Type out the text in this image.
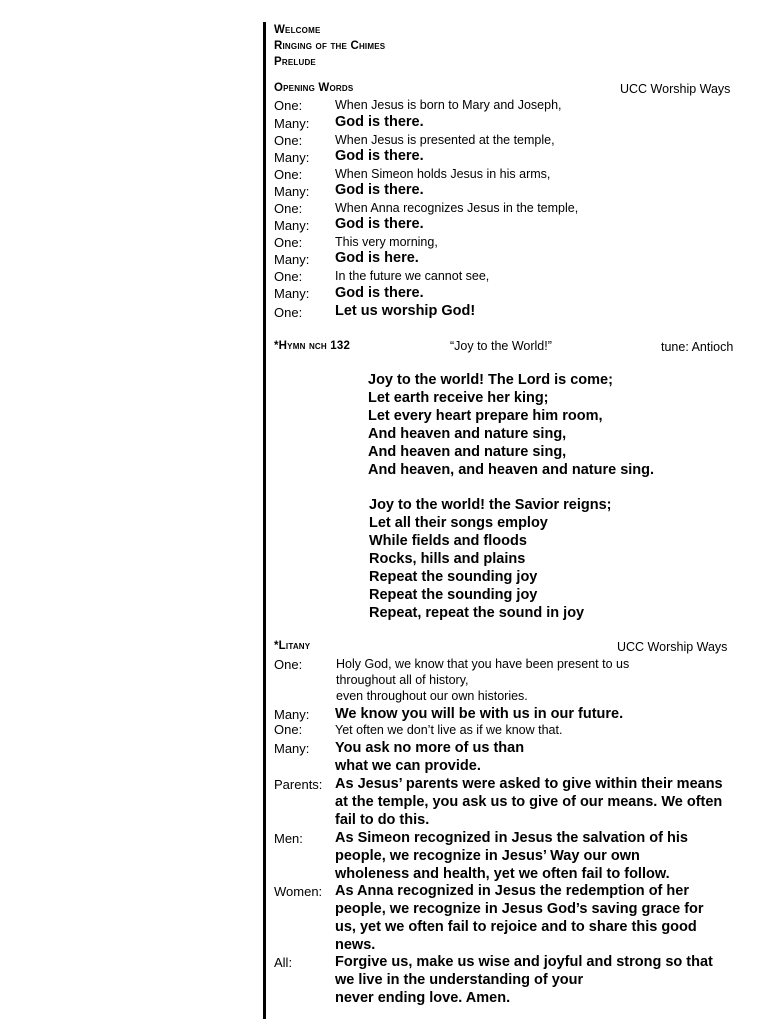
Welcome
Ringing of the Chimes
Prelude
Opening Words	UCC Worship Ways
One:	When Jesus is born to Mary and Joseph,
Many: God is there.
One:	When Jesus is presented at the temple,
Many: God is there.
One:	When Simeon holds Jesus in his arms,
Many: God is there.
One:	When Anna recognizes Jesus in the temple,
Many: God is there.
One:	This very morning,
Many: God is here.
One:	In the future we cannot see,
Many: God is there.
One: Let us worship God!
*Hymn nch 132	“Joy to the World!”	tune: Antioch
Joy to the world! The Lord is come;
Let earth receive her king;
Let every heart prepare him room,
And heaven and nature sing,
And heaven and nature sing,
And heaven, and heaven and nature sing.
Joy to the world! the Savior reigns;
Let all their songs employ
While fields and floods
Rocks, hills and plains
Repeat the sounding joy
Repeat the sounding joy
Repeat, repeat the sound in joy
*Litany	UCC Worship Ways
One:	Holy God, we know that you have been present to us
throughout all of history,
even throughout our own histories.
Many: We know you will be with us in our future.
One:	Yet often we don’t live as if we know that.
Many: You ask no more of us than
what we can provide.
Parents: As Jesus’ parents were asked to give within their means
at the temple, you ask us to give of our means. We often
fail to do this.
Men: As Simeon recognized in Jesus the salvation of his
people, we recognize in Jesus’ Way our own
wholeness and health, yet we often fail to follow.
Women: As Anna recognized in Jesus the redemption of her
people, we recognize in Jesus God’s saving grace for
us, yet we often fail to rejoice and to share this good
news.
All:	Forgive us, make us wise and joyful and strong so that
we live in the understanding of your
never ending love. Amen.
